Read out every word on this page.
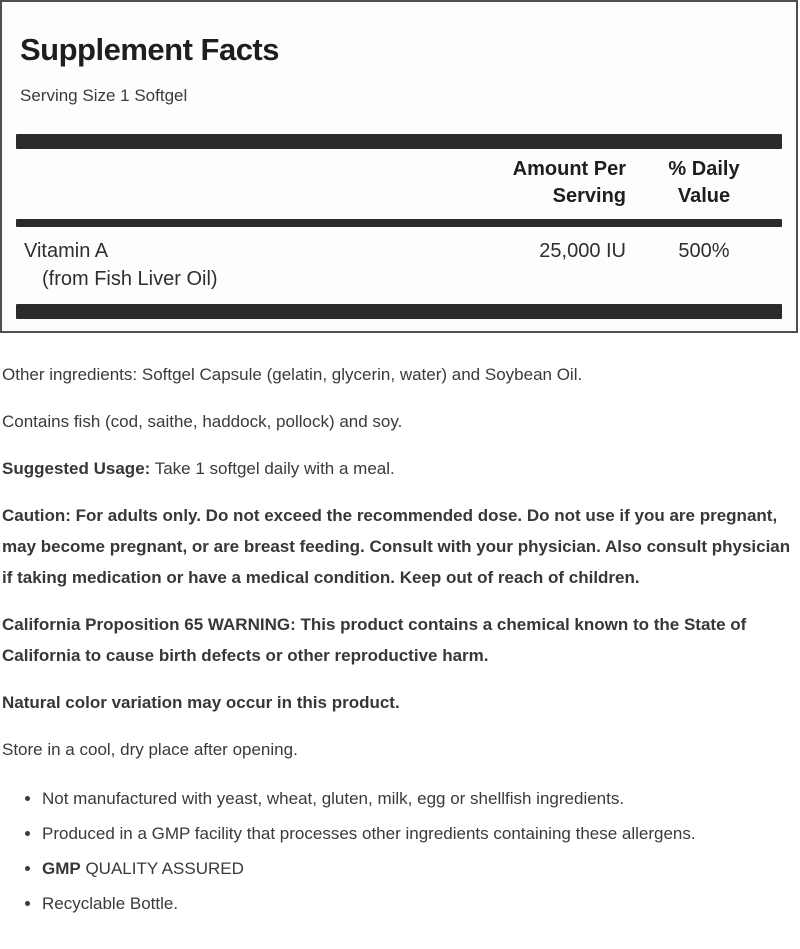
Supplement Facts
Serving Size 1 Softgel
Amount Per
Serving
% Daily
Value
Vitamin A
(from Fish Liver Oil)
25,000 IU	500%

Other ingredients: Softgel Capsule (gelatin, glycerin, water) and Soybean Oil.

Contains fish (cod, saithe, haddock, pollock) and soy.

Suggested Usage: Take 1 softgel daily with a meal.

Caution: For adults only. Do not exceed the recommended dose. Do not use if you are pregnant, may become pregnant, or are breast feeding. Consult with your physician. Also consult physician if taking medication or have a medical condition. Keep out of reach of children.

California Proposition 65 WARNING: This product contains a chemical known to the State of California to cause birth defects or other reproductive harm.

Natural color variation may occur in this product.

Store in a cool, dry place after opening.

• Not manufactured with yeast, wheat, gluten, milk, egg or shellfish ingredients.
• Produced in a GMP facility that processes other ingredients containing these allergens.
• GMP QUALITY ASSURED
• Recyclable Bottle.
